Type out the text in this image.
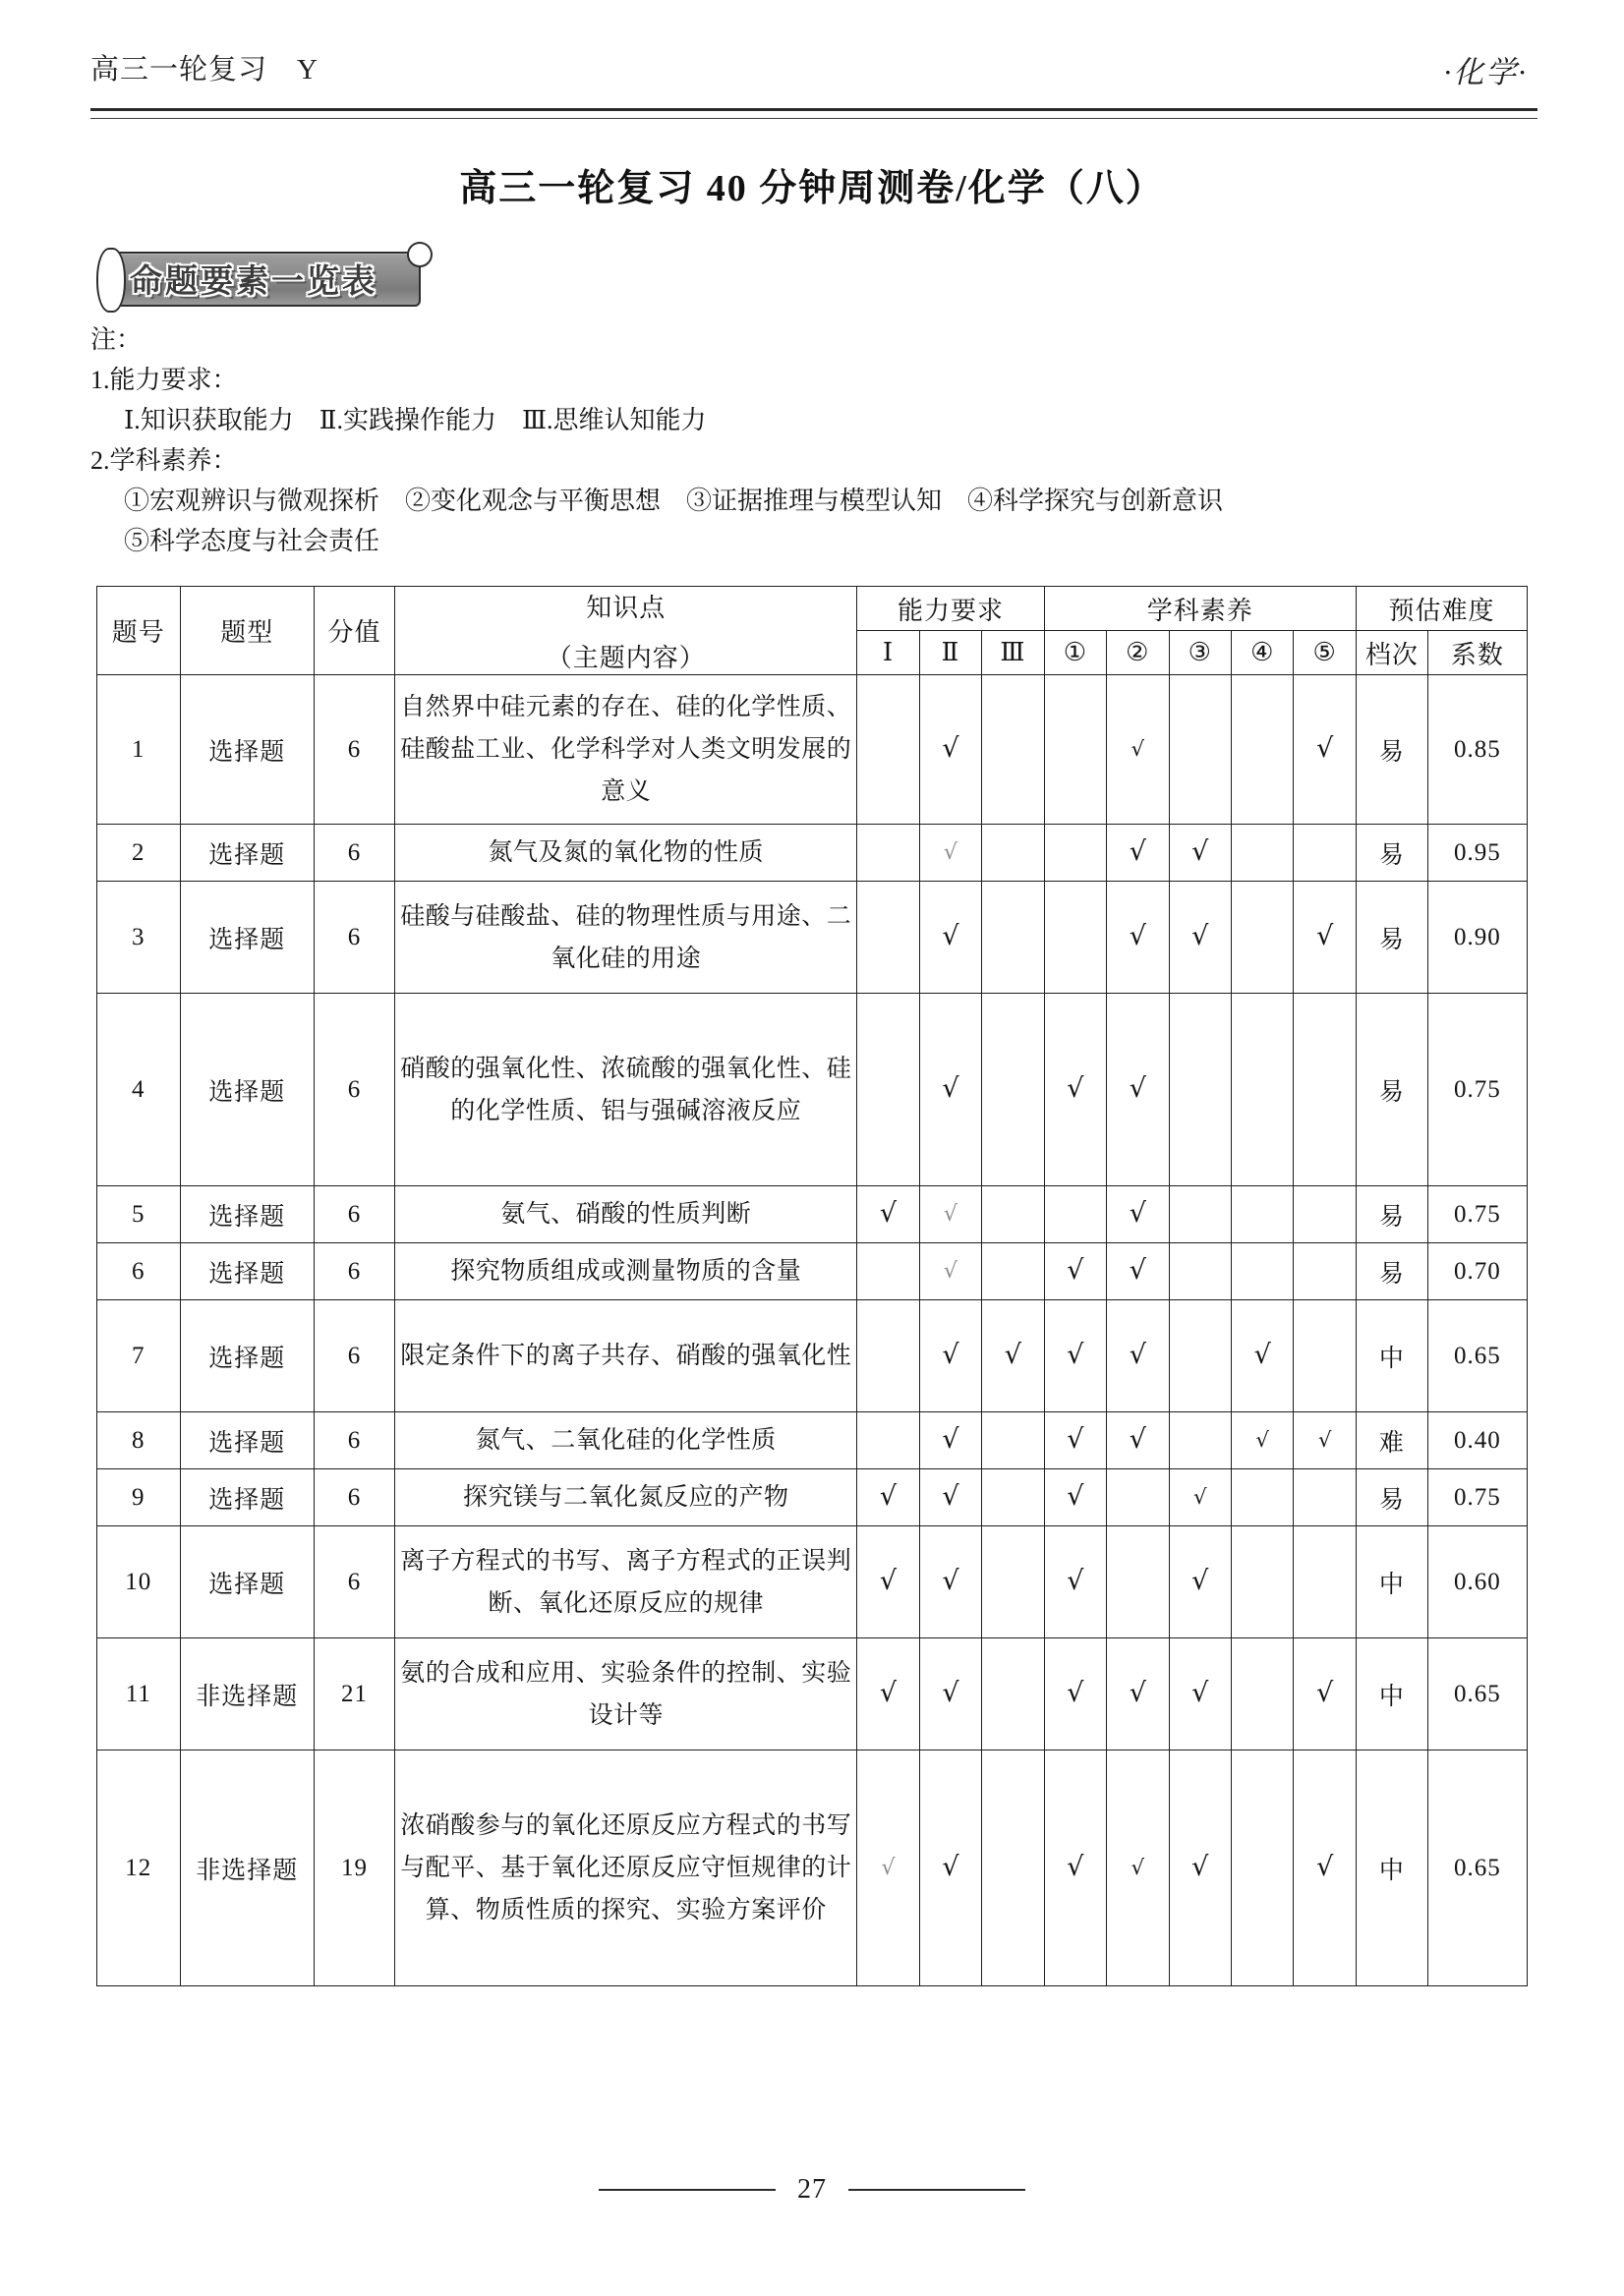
高三一轮复习　Y	·化学·
高三一轮复习 40 分钟周测卷/化学（八）
命题要素一览表

注：

1.能力要求：

Ⅰ.知识获取能力　Ⅱ.实践操作能力　Ⅲ.思维认知能力

2.学科素养：

①宏观辨识与微观探析　②变化观念与平衡思想　③证据推理与模型认知　④科学探究与创新意识

⑤科学态度与社会责任

题号	题型	分值	知识点
（主题内容）	能力要求			学科素养					预估难度	
				Ⅰ	Ⅱ	Ⅲ	①	②	③	④	⑤	档次	系数
1	选择题	6	自然界中硅元素的存在、硅的化学性质、硅酸盐工业、化学科学对人类文明发展的意义		√			√			√	易	0.85
2	选择题	6	氮气及氮的氧化物的性质		√			√	√			易	0.95
3	选择题	6	硅酸与硅酸盐、硅的物理性质与用途、二氧化硅的用途		√			√	√		√	易	0.90
4	选择题	6	硝酸的强氧化性、浓硫酸的强氧化性、硅的化学性质、铝与强碱溶液反应		√		√	√				易	0.75
5	选择题	6	氨气、硝酸的性质判断	√	√			√				易	0.75
6	选择题	6	探究物质组成或测量物质的含量		√		√	√				易	0.70
7	选择题	6	限定条件下的离子共存、硝酸的强氧化性		√	√	√	√		√		中	0.65
8	选择题	6	氮气、二氧化硅的化学性质		√		√	√		√	√	难	0.40
9	选择题	6	探究镁与二氧化氮反应的产物	√	√		√		√			易	0.75
10	选择题	6	离子方程式的书写、离子方程式的正误判断、氧化还原反应的规律	√	√		√		√			中	0.60
11	非选择题	21	氨的合成和应用、实验条件的控制、实验设计等	√	√		√	√	√		√	中	0.65
12	非选择题	19	浓硝酸参与的氧化还原反应方程式的书写与配平、基于氧化还原反应守恒规律的计算、物质性质的探究、实验方案评价	√	√		√	√	√		√	中	0.65
27
